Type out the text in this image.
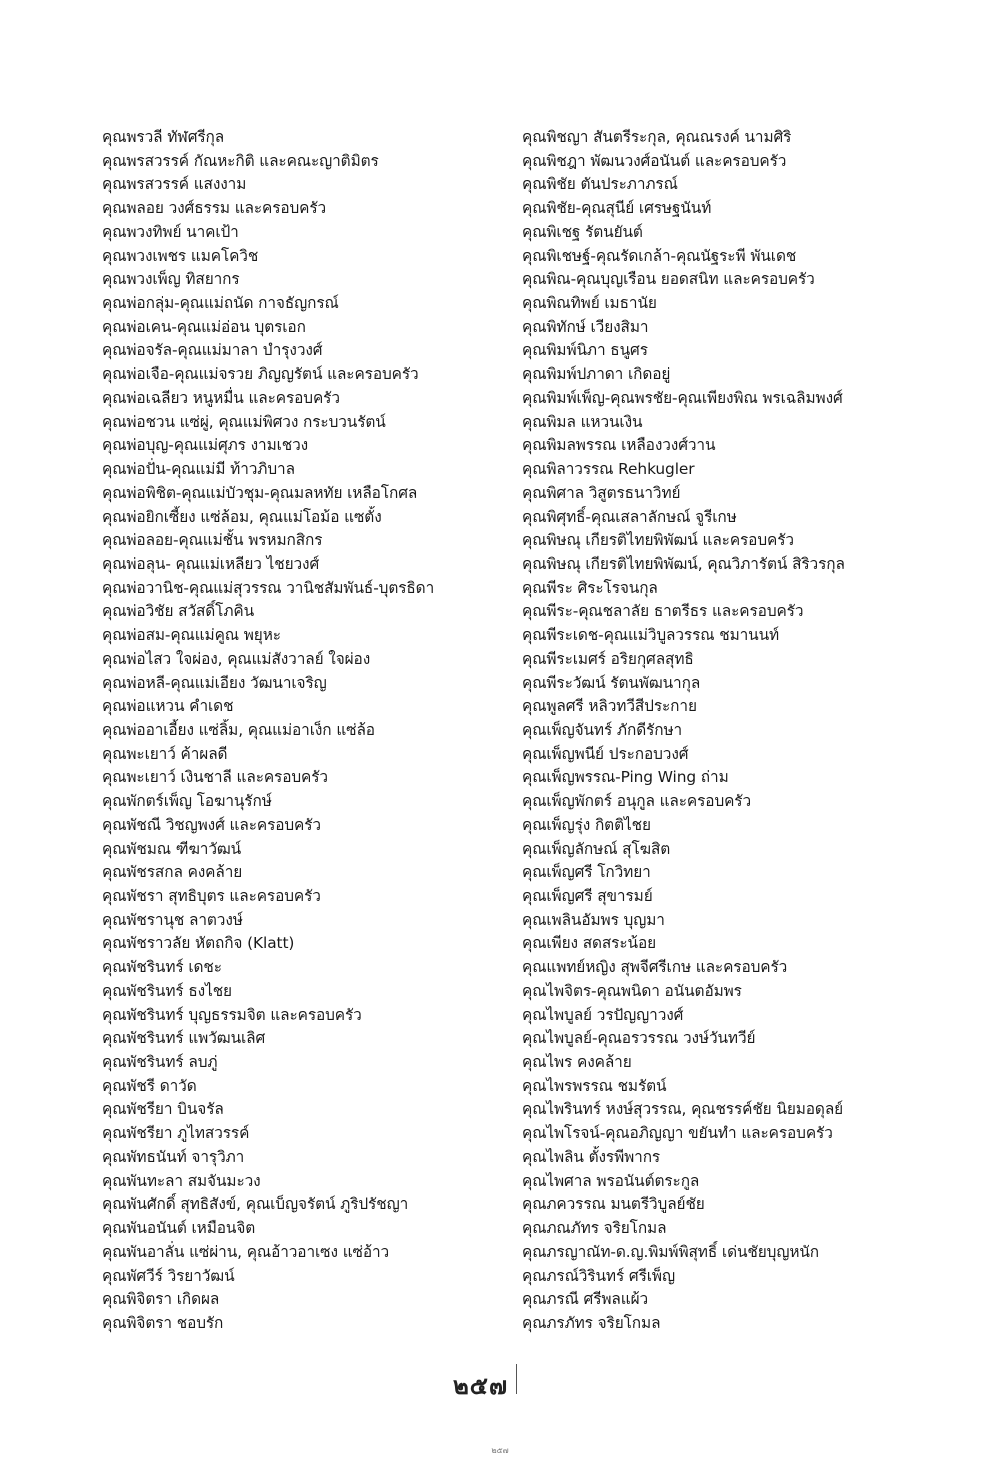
คุณพรวลี ทัฬศรีกุล
คุณพรสวรรค์ กัณหะกิติ และคณะญาติมิตร
คุณพรสวรรค์ แสงงาม
คุณพลอย วงศ์ธรรม และครอบครัว
คุณพวงทิพย์ นาคเป้า
คุณพวงเพชร แมคโควิช
คุณพวงเพ็ญ ทิสยากร
คุณพ่อกลุ่ม-คุณแม่ถนัด กาจธัญกรณ์
คุณพ่อเคน-คุณแม่อ่อน บุตรเอก
คุณพ่อจรัล-คุณแม่มาลา บำรุงวงศ์
คุณพ่อเจือ-คุณแม่จรวย ภิญญรัตน์ และครอบครัว
คุณพ่อเฉลียว หนูหมื่น และครอบครัว
คุณพ่อชวน แซ่ผู่, คุณแม่พิศวง กระบวนรัตน์
คุณพ่อบุญ-คุณแม่ศุภร งามเชวง
คุณพ่อปั่น-คุณแม่มี ท้าวภิบาล
คุณพ่อพิชิต-คุณแม่บัวชุม-คุณมลหทัย เหลือโกศล
คุณพ่อยิกเซี้ยง แซ่ล้อม, คุณแม่โอม้อ แซตั้ง
คุณพ่อลอย-คุณแม่ชั้น พรหมกสิกร
คุณพ่อลุน- คุณแม่เหลียว ไชยวงศ์
คุณพ่อวานิช-คุณแม่สุวรรณ วานิชสัมพันธ์-บุตรธิดา
คุณพ่อวิชัย สวัสดิ์โภคิน
คุณพ่อสม-คุณแม่คูณ พยุหะ
คุณพ่อไสว ใจผ่อง, คุณแม่สังวาลย์ ใจผ่อง
คุณพ่อหลี-คุณแม่เอียง วัฒนาเจริญ
คุณพ่อแหวน คำเดช
คุณพ่ออาเอี้ยง แซ่ลิ้ม, คุณแม่อาเง็ก แซ่ล้อ
คุณพะเยาว์ ค้าผลดี
คุณพะเยาว์ เงินชาลี และครอบครัว
คุณพักตร์เพ็ญ โอฆานุรักษ์
คุณพัชณี วิชญพงศ์ และครอบครัว
คุณพัชมณ ฑีฆาวัฒน์
คุณพัชรสกล คงคล้าย
คุณพัชรา สุทธิบุตร และครอบครัว
คุณพัชรานุช ลาตวงษ์
คุณพัชราวลัย หัตถกิจ (Klatt)
คุณพัชรินทร์ เดชะ
คุณพัชรินทร์ ธงไชย
คุณพัชรินทร์ บุญธรรมจิต และครอบครัว
คุณพัชรินทร์ แพวัฒนเลิศ
คุณพัชรินทร์ ลบภู่
คุณพัชรี ดาวัด
คุณพัชรียา บินจรัล
คุณพัชรียา ภูไทสวรรค์
คุณพัทธนันท์ จารุวิภา
คุณพันทะลา สมจันมะวง
คุณพันศักดิ์ สุทธิสังข์, คุณเบ็ญจรัตน์ ภูริปรัชญา
คุณพันอนันต์ เหมือนจิต
คุณพันอาลั่น แซ่ผ่าน, คุณอ้าวอาเซง แซ่อ้าว
คุณพัศวีร์ วิรยาวัฒน์
คุณพิจิตรา เกิดผล
คุณพิจิตรา ชอบรัก
คุณพิชญา สันตรีระกุล, คุณณรงค์ นามศิริ
คุณพิชฎา พัฒนวงศ์อนันต์ และครอบครัว
คุณพิชัย ตันประภาภรณ์
คุณพิชัย-คุณสุนีย์ เศรษฐนันท์
คุณพิเชฐ รัตนยันต์
คุณพิเชษฐ์-คุณรัดเกล้า-คุณนัฐระพี พันเดช
คุณพิณ-คุณบุญเรือน ยอดสนิท และครอบครัว
คุณพิณทิพย์ เมธานัย
คุณพิทักษ์ เวียงสิมา
คุณพิมพ์นิภา ธนูศร
คุณพิมพ์ปภาดา เกิดอยู่
คุณพิมพ์เพ็ญ-คุณพรชัย-คุณเพียงพิณ พรเฉลิมพงศ์
คุณพิมล แหวนเงิน
คุณพิมลพรรณ เหลืองวงศ์วาน
คุณพิลาวรรณ Rehkugler
คุณพิศาล วิสูตรธนาวิทย์
คุณพิศุทธิ์-คุณเสลาลักษณ์ จูรีเกษ
คุณพิษณุ เกียรติไทยพิพัฒน์ และครอบครัว
คุณพิษณุ เกียรติไทยพิพัฒน์, คุณวิภารัตน์ สิริวรกุล
คุณพีระ ศิระโรจนกุล
คุณพีระ-คุณชลาลัย ธาตรีธร และครอบครัว
คุณพีระเดช-คุณแม่วิบูลวรรณ ชมานนท์
คุณพีระเมศร์ อริยกุศลสุทธิ
คุณพีระวัฒน์ รัตนพัฒนากุล
คุณพูลศรี หลิวทวีสีประกาย
คุณเพ็ญจันทร์ ภักดีรักษา
คุณเพ็ญพนีย์ ประกอบวงศ์
คุณเพ็ญพรรณ-Ping Wing ถ่าม
คุณเพ็ญพักตร์ อนุกูล และครอบครัว
คุณเพ็ญรุ่ง กิตติไชย
คุณเพ็ญลักษณ์ สุโฆสิต
คุณเพ็ญศรี โกวิทยา
คุณเพ็ญศรี สุขารมย์
คุณเพลินอัมพร บุญมา
คุณเพียง สดสระน้อย
คุณแพทย์หญิง สุพจีศรีเกษ และครอบครัว
คุณไพจิตร-คุณพนิดา อนันตอัมพร
คุณไพบูลย์ วรปัญญาวงศ์
คุณไพบูลย์-คุณอรวรรณ วงษ์วันทวีย์
คุณไพร คงคล้าย
คุณไพรพรรณ ชมรัตน์
คุณไพรินทร์ หงษ์สุวรรณ, คุณชรรค์ชัย นิยมอดุลย์
คุณไพโรจน์-คุณอภิญญา ขยันทำ และครอบครัว
คุณไพลิน ตั้งรพีพากร
คุณไพศาล พรอนันต์ตระกูล
คุณภควรรณ มนตรีวิบูลย์ชัย
คุณภณภัทร จริยโกมล
คุณภรญาณัท-ด.ญ.พิมพ์พิสุทธิ์ เด่นชัยบุญหนัก
คุณภรณ์วิรินทร์ ศรีเพ็ญ
คุณภรณี ศรีพลแผ้ว
คุณภรภัทร จริยโกมล
๒๕๗
๒๕๗
